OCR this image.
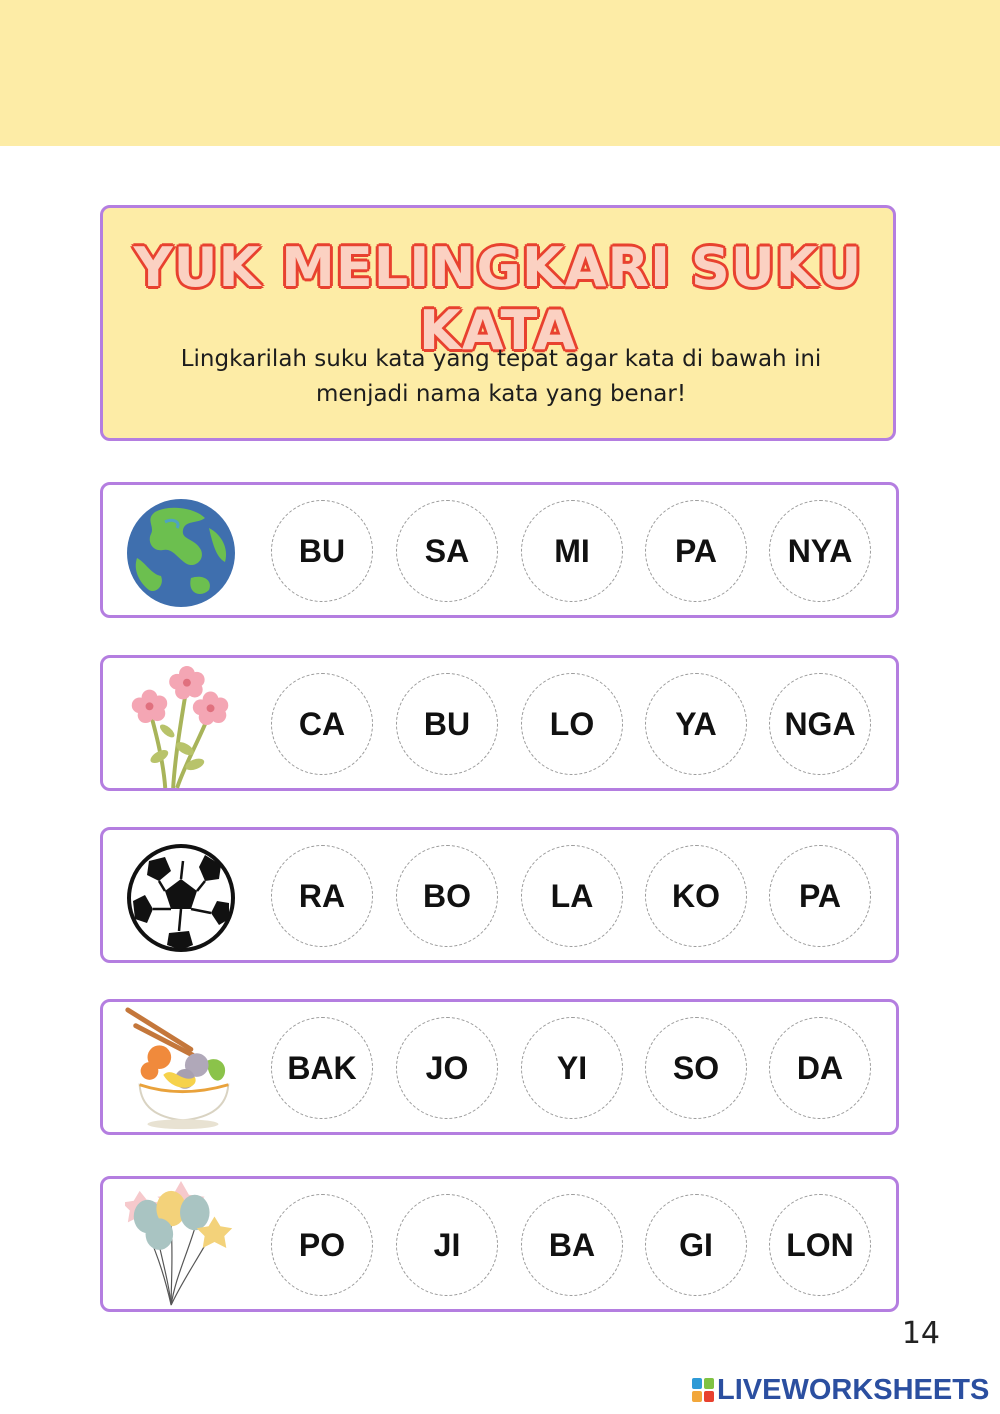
YUK MELINGKARI SUKU KATA
Lingkarilah suku kata yang tepat agar kata di bawah ini
menjadi nama kata yang benar!
BU	SA	MI	PA	NYA
CA	BU	LO	YA	NGA
RA	BO	LA	KO	PA
BAK	JO	YI	SO	DA
PO	JI	BA	GI	LON
14
LIVEWORKSHEETS
